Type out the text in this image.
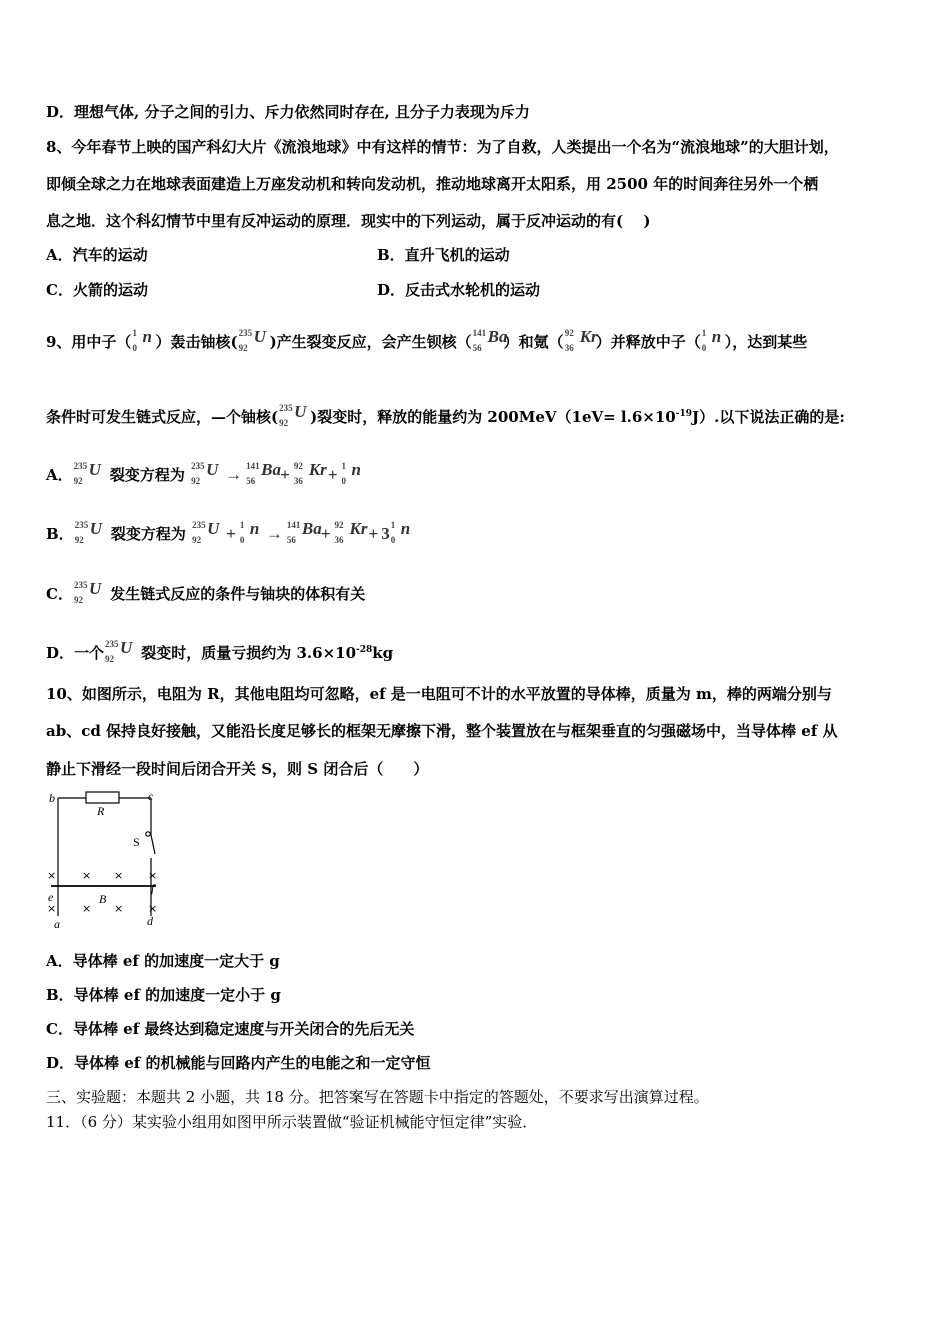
D．理想气体, 分子之间的引力、斥力依然同时存在, 且分子力表现为斥力
8、今年春节上映的国产科幻大片《流浪地球》中有这样的情节：为了自救，人类提出一个名为“流浪地球”的大胆计划，
即倾全球之力在地球表面建造上万座发动机和转向发动机，推动地球离开太阳系，用 2500 年的时间奔往另外一个栖
息之地．这个科幻情节中里有反冲运动的原理．现实中的下列运动，属于反冲运动的有(　 )
A．汽车的运动	B．直升飞机的运动
C．火箭的运动	D．反击式水轮机的运动
9、用中子（ 1
0
n ）轰击铀核( 235
92
U )产生裂变反应，会产生钡核（ 141
56
Ba
）和氪（ 92
36
Kr
）并释放中子（ 1
0
n ），达到某些
条件时可发生链式反应，—个铀核( 235
92
U )裂变时，释放的能量约为 $200MeV(1eV= l.6\times 10^{-19}J)$.以下说法正确的是:
A． 235
92
U 裂变方程为 235
92
U → 141
56
Ba + 92
36
Kr + 1
0
n
B． 235
92
U 裂变方程为 235
92
U + 1
0
n → 141
56
Ba + 92
36
Kr + 3 1
0
n
C． 235
92
U 发生链式反应的条件与铀块的体积有关
D．一个 235
92
U 裂变时，质量亏损约为 $3.6\times 10^{-28}kg$
10、如图所示，电阻为 R，其他电阻均可忽略，ef 是一电阻可不计的水平放置的导体棒，质量为 m，棒的两端分别与
ab、cd 保持良好接触，又能沿长度足够长的框架无摩擦下滑，整个装置放在与框架垂直的匀强磁场中，当导体棒 ef 从
静止下滑经一段时间后闭合开关 S，则 S 闭合后（　　）
b	c
R
S
e
f
B
a	d
× × × ×
× × × ×
A．导体棒 ef 的加速度一定大于 g
B．导体棒 ef 的加速度一定小于 g
C．导体棒 ef 最终达到稳定速度与开关闭合的先后无关
D．导体棒 ef 的机械能与回路内产生的电能之和一定守恒
三、实验题：本题共 2 小题，共 18 分。把答案写在答题卡中指定的答题处，不要求写出演算过程。
11．（6 分）某实验小组用如图甲所示装置做“验证机械能守恒定律”实验．
